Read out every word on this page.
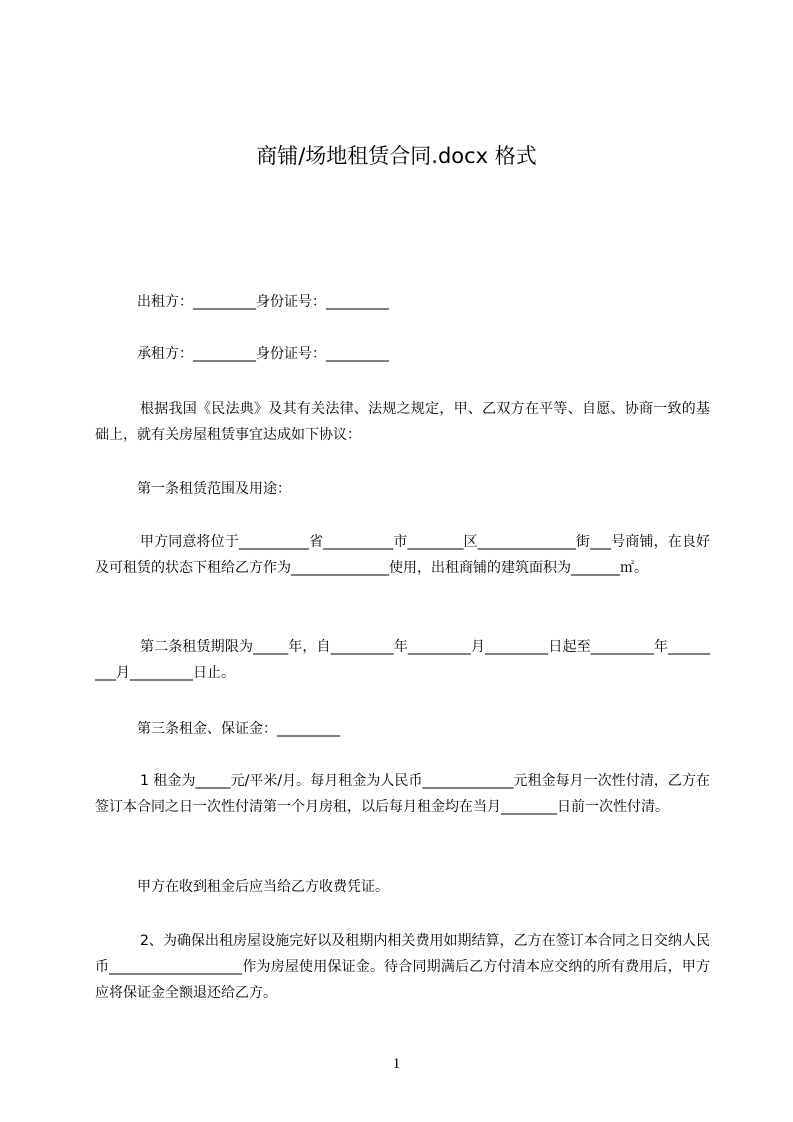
商铺/场地租赁合同.docx 格式
出租方：_________身份证号：_________
承租方：_________身份证号：_________
根据我国《民法典》及其有关法律、法规之规定，甲、乙双方在平等、自愿、协商一致的基础上，就有关房屋租赁事宜达成如下协议：
第一条租赁范围及用途：
甲方同意将位于__________省__________市________区______________街___号商铺，在良好及可租赁的状态下租给乙方作为______________使用，出租商铺的建筑面积为_______㎡。
第二条租赁期限为_____年，自_________年_________月_________日起至_________年_________月_________日止。
第三条租金、保证金：_________
1 租金为_____元/平米/月。每月租金为人民币_____________元租金每月一次性付清，乙方在签订本合同之日一次性付清第一个月房租，以后每月租金均在当月________日前一次性付清。
甲方在收到租金后应当给乙方收费凭证。
2、为确保出租房屋设施完好以及租期内相关费用如期结算，乙方在签订本合同之日交纳人民币___________________作为房屋使用保证金。待合同期满后乙方付清本应交纳的所有费用后，甲方应将保证金全额退还给乙方。
1
